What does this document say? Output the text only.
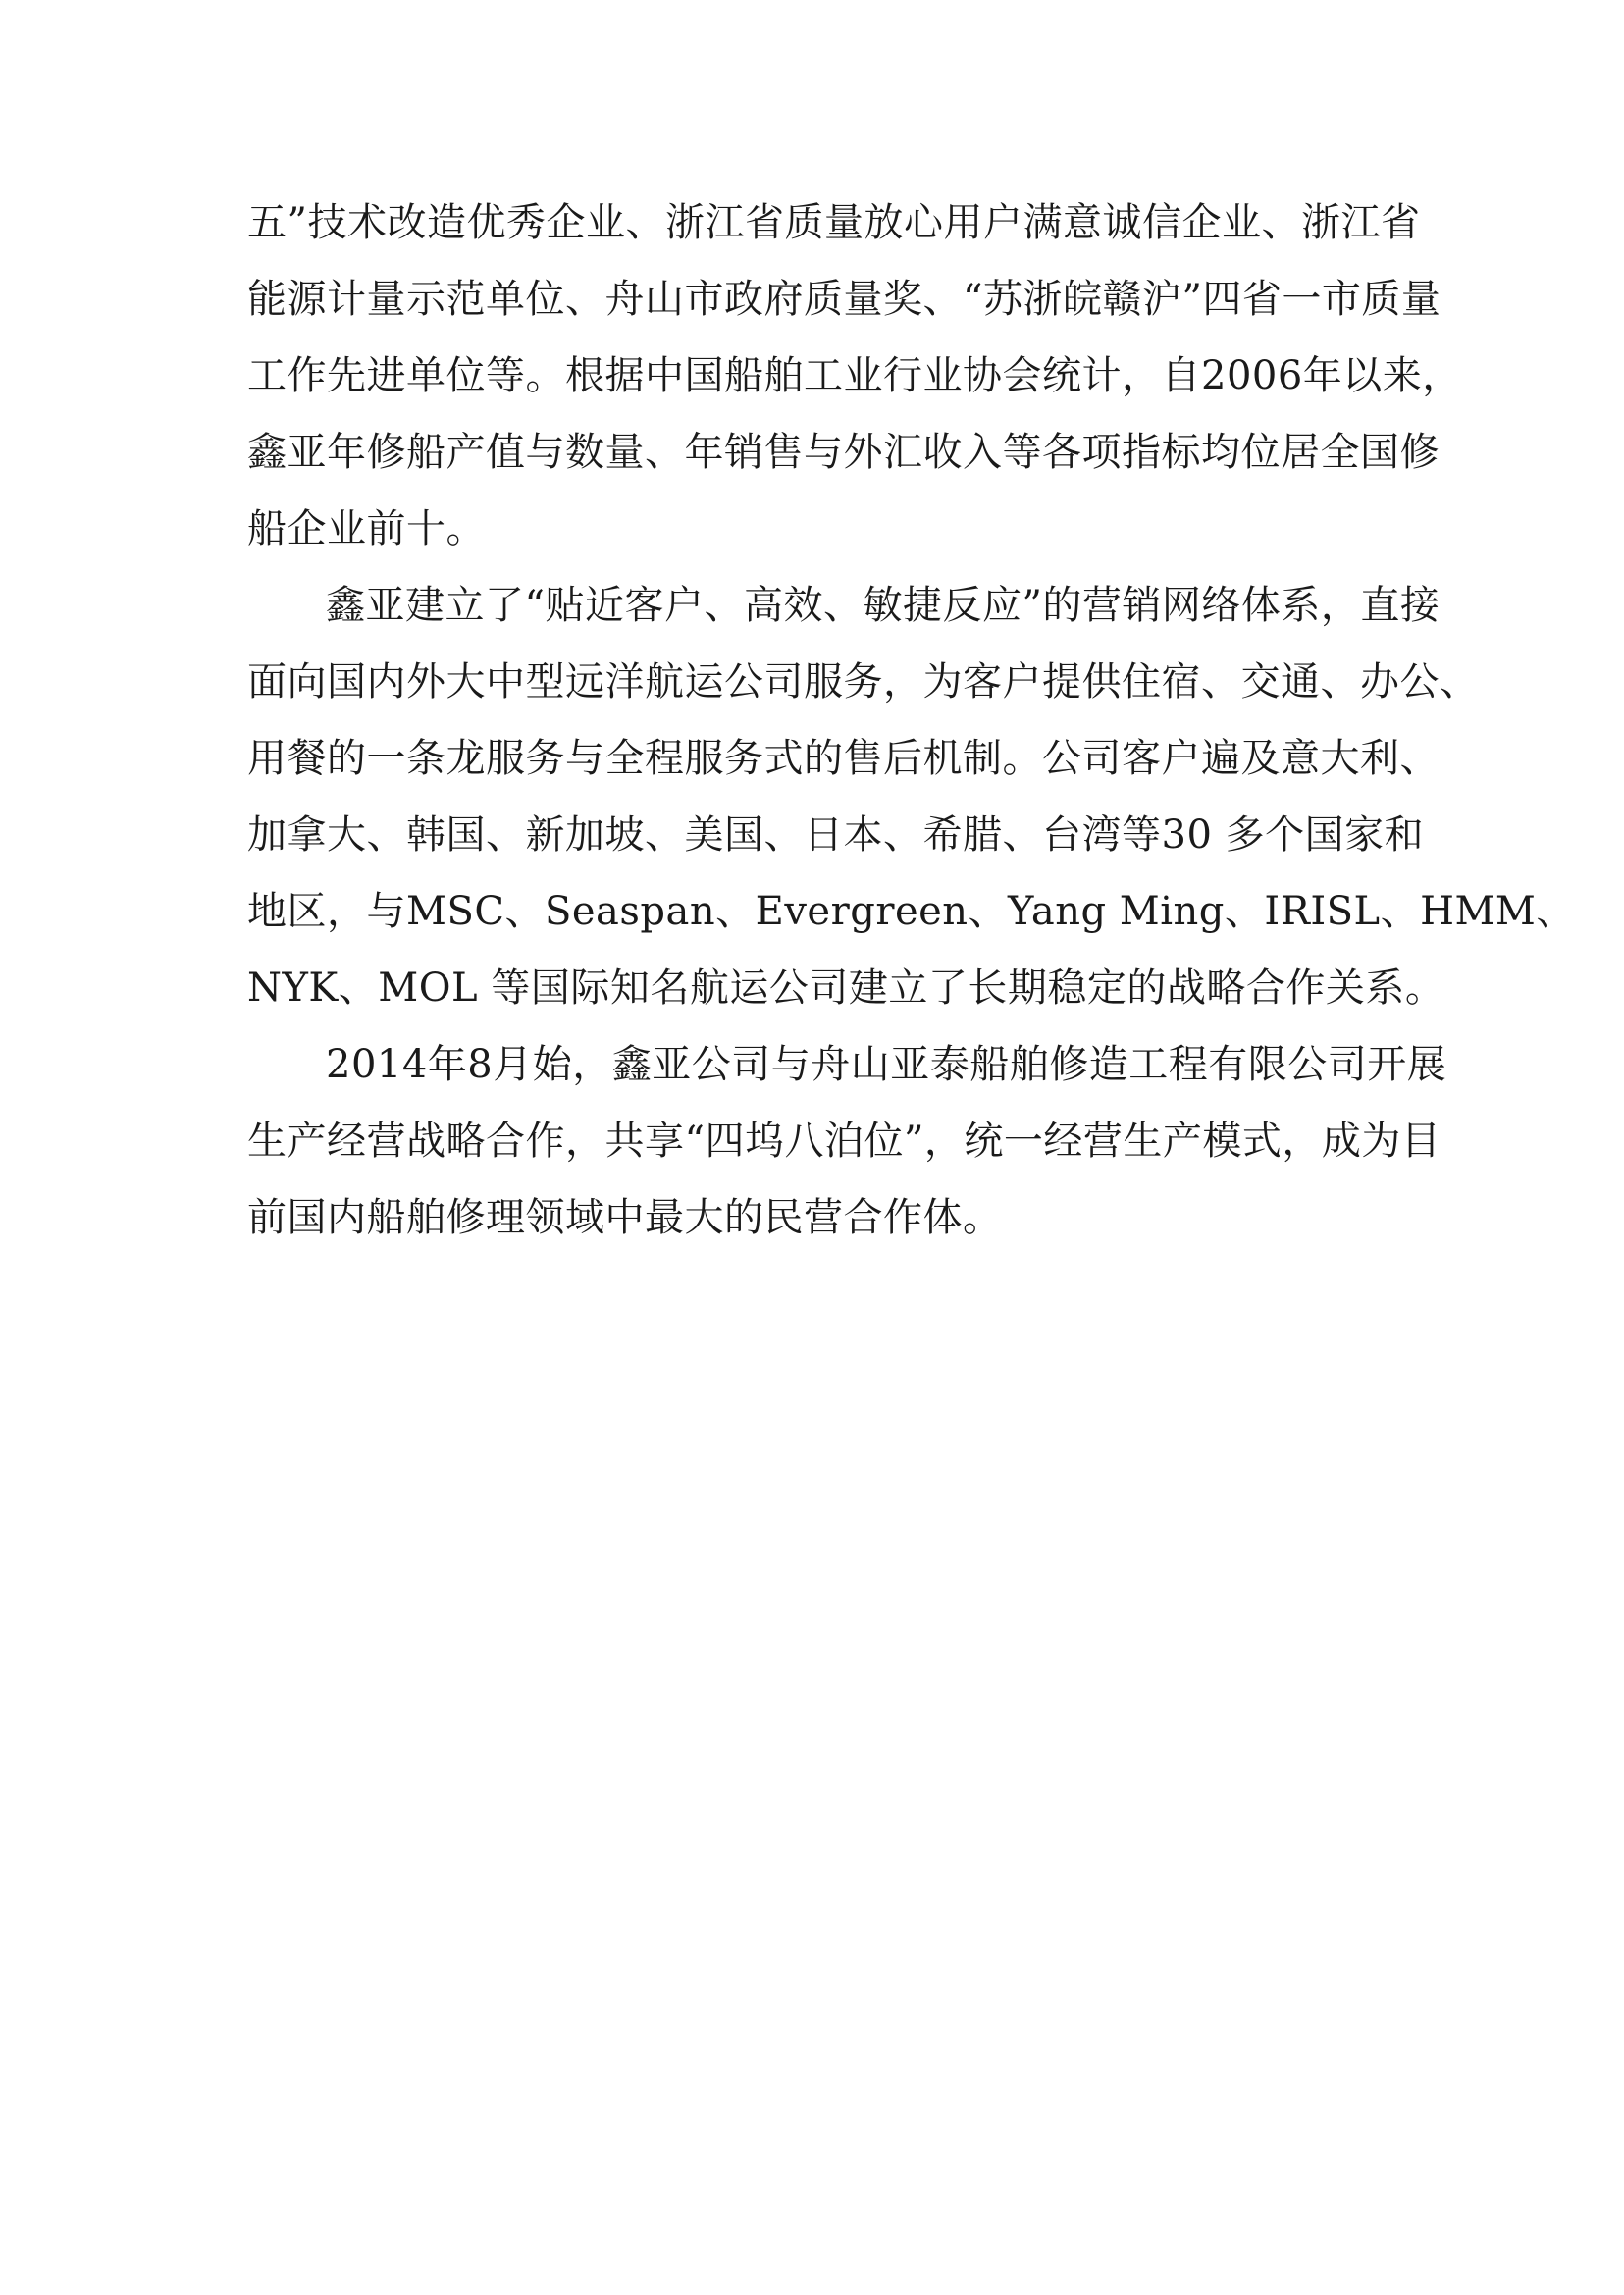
五”技术改造优秀企业、浙江省质量放心用户满意诚信企业、浙江省
能源计量示范单位、舟山市政府质量奖、“苏浙皖赣沪”四省一市质量
工作先进单位等。根据中国船舶工业行业协会统计，自2006年以来，
鑫亚年修船产值与数量、年销售与外汇收入等各项指标均位居全国修
船企业前十。
鑫亚建立了“贴近客户、高效、敏捷反应”的营销网络体系，直接
面向国内外大中型远洋航运公司服务，为客户提供住宿、交通、办公、
用餐的一条龙服务与全程服务式的售后机制。公司客户遍及意大利、
加拿大、韩国、新加坡、美国、日本、希腊、台湾等30 多个国家和
地区，与MSC、Seaspan、Evergreen、Yang Ming、IRISL、HMM、
NYK、MOL 等国际知名航运公司建立了长期稳定的战略合作关系。
2014年8月始，鑫亚公司与舟山亚泰船舶修造工程有限公司开展
生产经营战略合作，共享“四坞八泊位”，统一经营生产模式，成为目
前国内船舶修理领域中最大的民营合作体。
